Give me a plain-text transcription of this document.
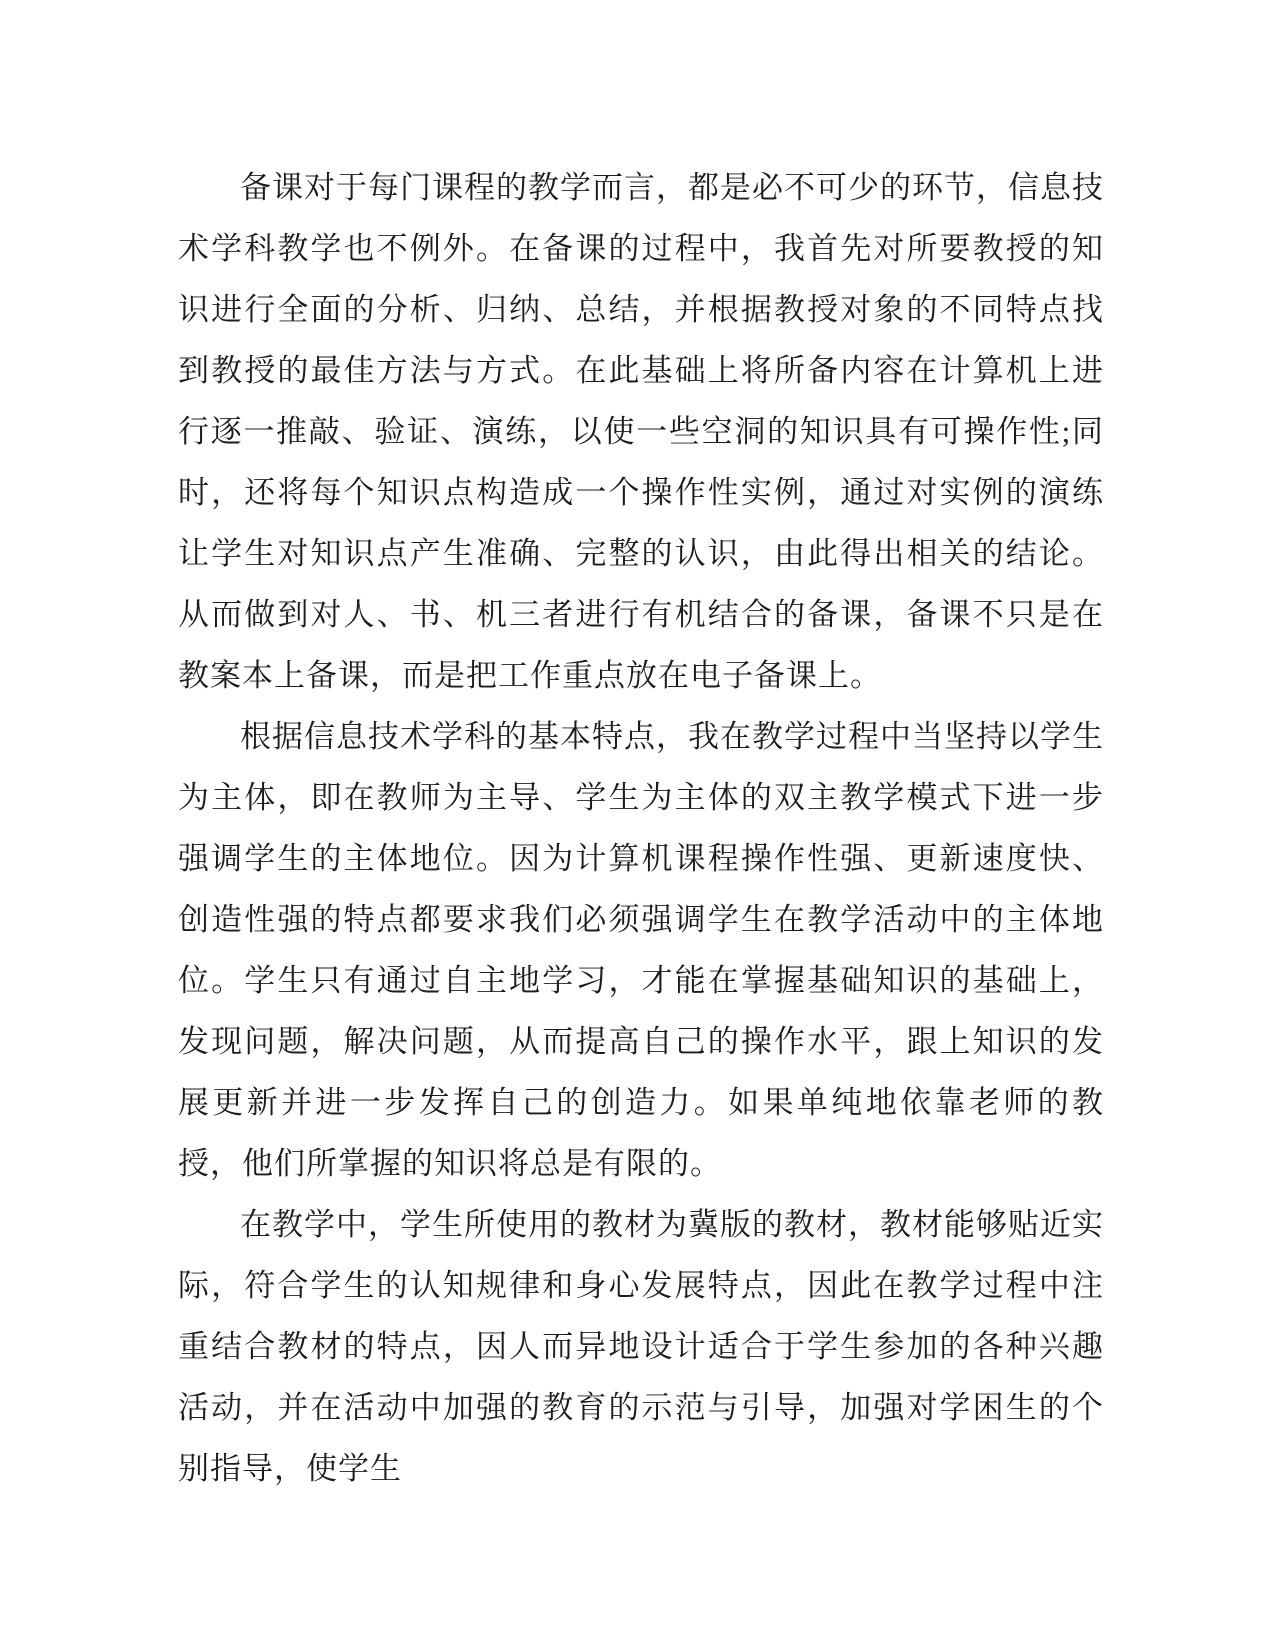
备课对于每门课程的教学而言，都是必不可少的环节，信息技术学科教学也不例外。在备课的过程中，我首先对所要教授的知识进行全面的分析、归纳、总结，并根据教授对象的不同特点找到教授的最佳方法与方式。在此基础上将所备内容在计算机上进行逐一推敲、验证、演练，以使一些空洞的知识具有可操作性;同时，还将每个知识点构造成一个操作性实例，通过对实例的演练让学生对知识点产生准确、完整的认识，由此得出相关的结论。从而做到对人、书、机三者进行有机结合的备课，备课不只是在教案本上备课，而是把工作重点放在电子备课上。

根据信息技术学科的基本特点，我在教学过程中当坚持以学生为主体，即在教师为主导、学生为主体的双主教学模式下进一步强调学生的主体地位。因为计算机课程操作性强、更新速度快、创造性强的特点都要求我们必须强调学生在教学活动中的主体地位。学生只有通过自主地学习，才能在掌握基础知识的基础上，发现问题，解决问题，从而提高自己的操作水平，跟上知识的发展更新并进一步发挥自己的创造力。如果单纯地依靠老师的教授，他们所掌握的知识将总是有限的。

在教学中，学生所使用的教材为冀版的教材，教材能够贴近实际，符合学生的认知规律和身心发展特点，因此在教学过程中注重结合教材的特点，因人而异地设计适合于学生参加的各种兴趣活动，并在活动中加强的教育的示范与引导，加强对学困生的个别指导，使学生
